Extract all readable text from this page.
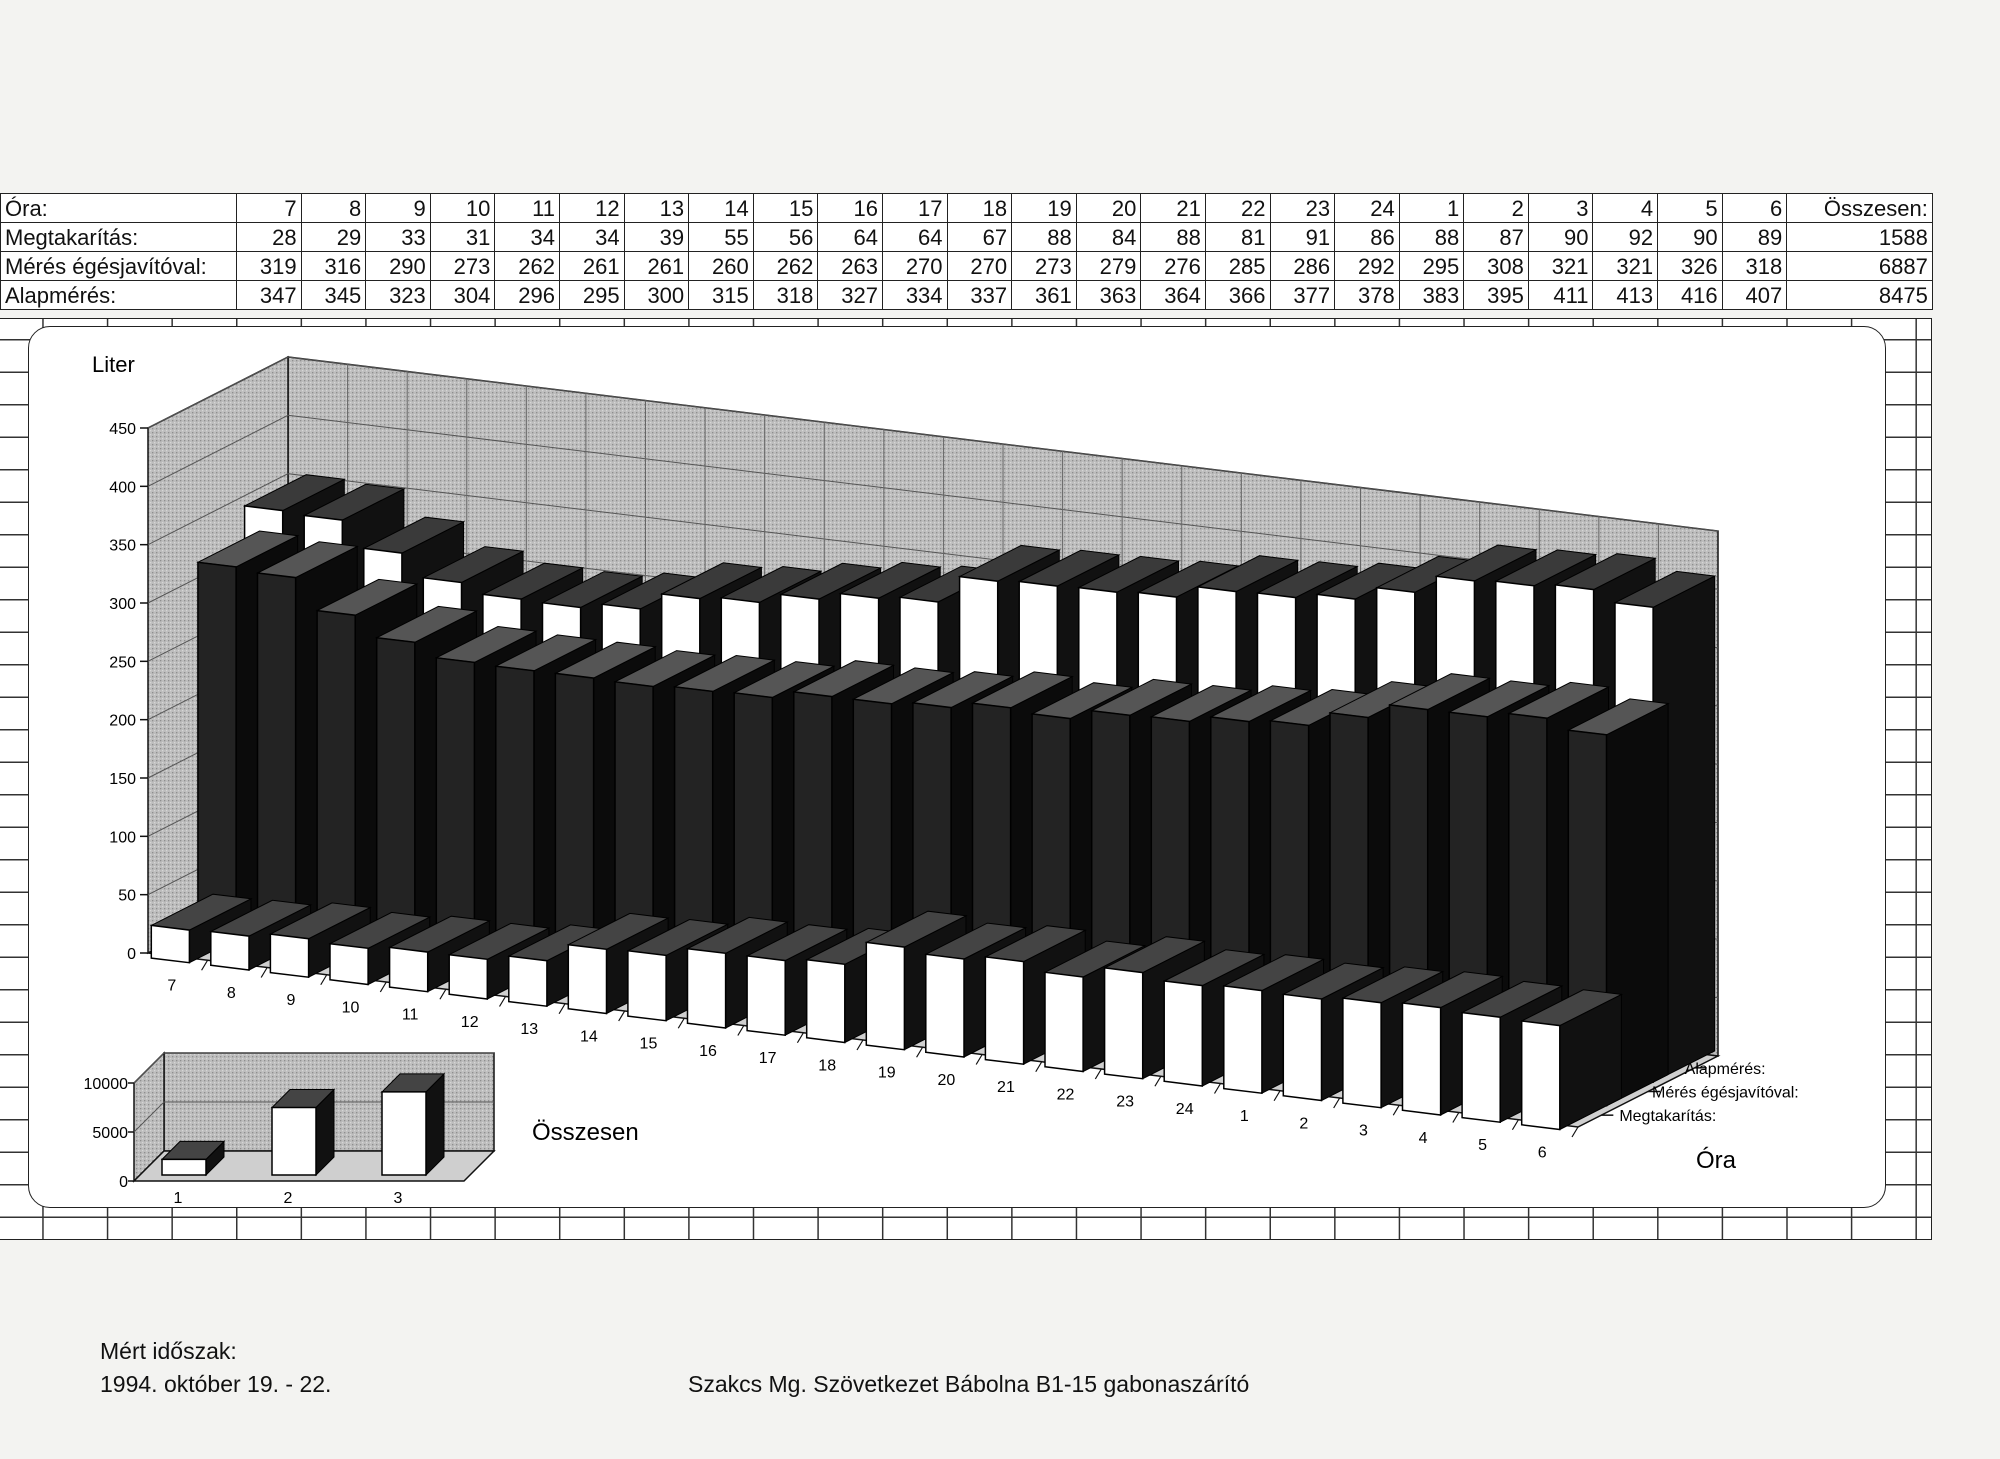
Óra:	7	8	9	10	11	12	13	14	15	16	17	18	19	20	21	22	23	24	1	2	3	4	5	6	Összesen:
Megtakarítás:	28	29	33	31	34	34	39	55	56	64	64	67	88	84	88	81	91	86	88	87	90	92	90	89	1588
Mérés égésjavítóval:	319	316	290	273	262	261	261	260	262	263	270	270	273	279	276	285	286	292	295	308	321	321	326	318	6887
Alapmérés:	347	345	323	304	296	295	300	315	318	327	334	337	361	363	364	366	377	378	383	395	411	413	416	407	8475
0
50
100
150
200
250
300
350
400
450
Liter
7	8	9	10	11	12	13	14	15	16	17	18	19	20	21	22	23	24	1	2	3	4	5	6	Óra
Megtakarítás:
Mérés égésjavítóval:
Alapmérés:
0
5000
10000
1	2	3
Összesen
Mért időszak:
1994. október 19. - 22.	Szakcs Mg. Szövetkezet Bábolna B1-15 gabonaszárító
